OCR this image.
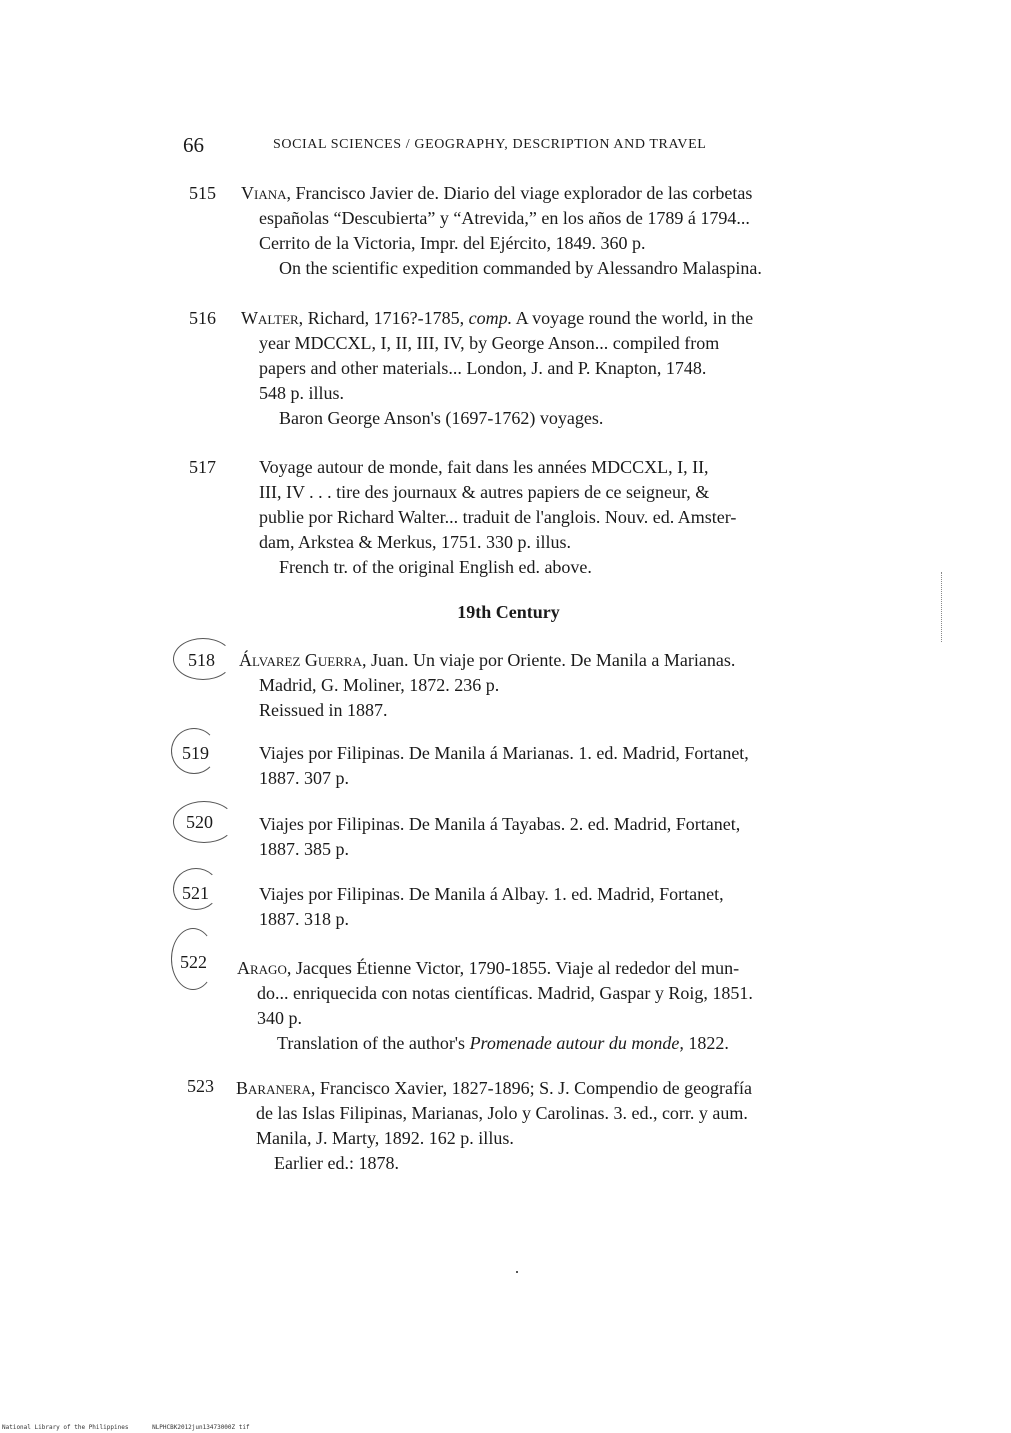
66	SOCIAL SCIENCES / GEOGRAPHY, DESCRIPTION AND TRAVEL
515 Viana, Francisco Javier de. Diario del viage explorador de las corbetas
españolas “Descubierta” y “Atrevida,” en los años de 1789 á 1794...
Cerrito de la Victoria, Impr. del Ejército, 1849. 360 p.
On the scientific expedition commanded by Alessandro Malaspina.
516 Walter, Richard, 1716?-1785, comp. A voyage round the world, in the
year MDCCXL, I, II, III, IV, by George Anson... compiled from
papers and other materials... London, J. and P. Knapton, 1748.
548 p. illus.
Baron George Anson's (1697-1762) voyages.
517 Voyage autour de monde, fait dans les années MDCCXL, I, II,
III, IV . . . tire des journaux & autres papiers de ce seigneur, &
publie por Richard Walter... traduit de l'anglois. Nouv. ed. Amster-
dam, Arkstea & Merkus, 1751. 330 p. illus.
French tr. of the original English ed. above.
19th Century
518 Álvarez Guerra, Juan. Un viaje por Oriente. De Manila a Marianas.
Madrid, G. Moliner, 1872. 236 p.
Reissued in 1887.
519	Viajes por Filipinas. De Manila á Marianas. 1. ed. Madrid, Fortanet,
1887. 307 p.
520	Viajes por Filipinas. De Manila á Tayabas. 2. ed. Madrid, Fortanet,
1887. 385 p.
521	Viajes por Filipinas. De Manila á Albay. 1. ed. Madrid, Fortanet,
1887. 318 p.
522 Arago, Jacques Étienne Victor, 1790-1855. Viaje al rededor del mun-
do... enriquecida con notas científicas. Madrid, Gaspar y Roig, 1851.
340 p.
Translation of the author's Promenade autour du monde, 1822.
523 Baranera, Francisco Xavier, 1827-1896; S. J. Compendio de geografía
de las Islas Filipinas, Marianas, Jolo y Carolinas. 3. ed., corr. y aum.
Manila, J. Marty, 1892. 162 p. illus.
Earlier ed.: 1878.
National Library of the Philippines	NLPHCBK2012jun13473000Z tif
